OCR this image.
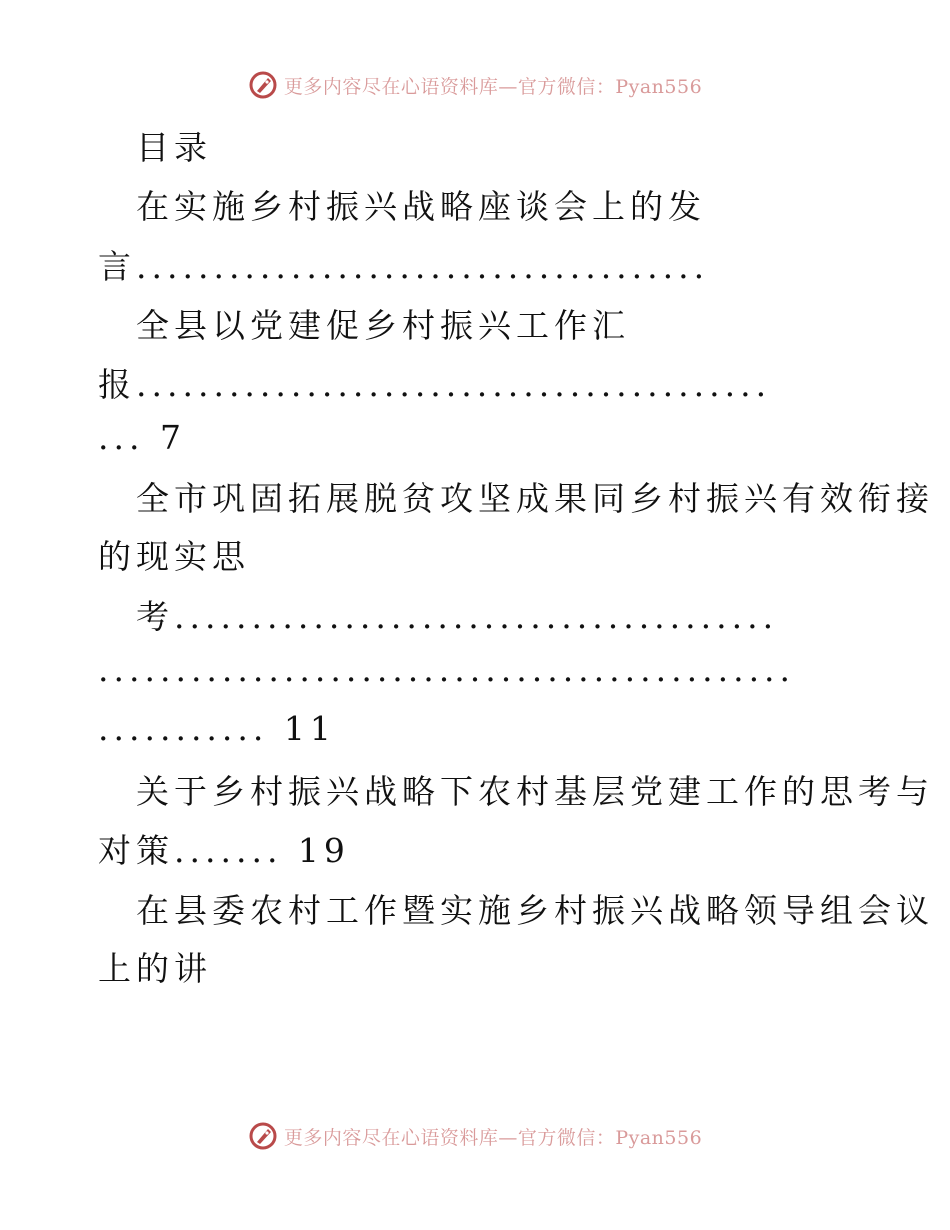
更多内容尽在心语资料库—官方微信：Pyan556
目录
在实施乡村振兴战略座谈会上的发
言.....................................
全县以党建促乡村振兴工作汇
报.........................................
... 7
全市巩固拓展脱贫攻坚成果同乡村振兴有效衔接
的现实思
考.......................................
.............................................
........... 11
关于乡村振兴战略下农村基层党建工作的思考与
对策....... 19
在县委农村工作暨实施乡村振兴战略领导组会议
上的讲
更多内容尽在心语资料库—官方微信：Pyan556
